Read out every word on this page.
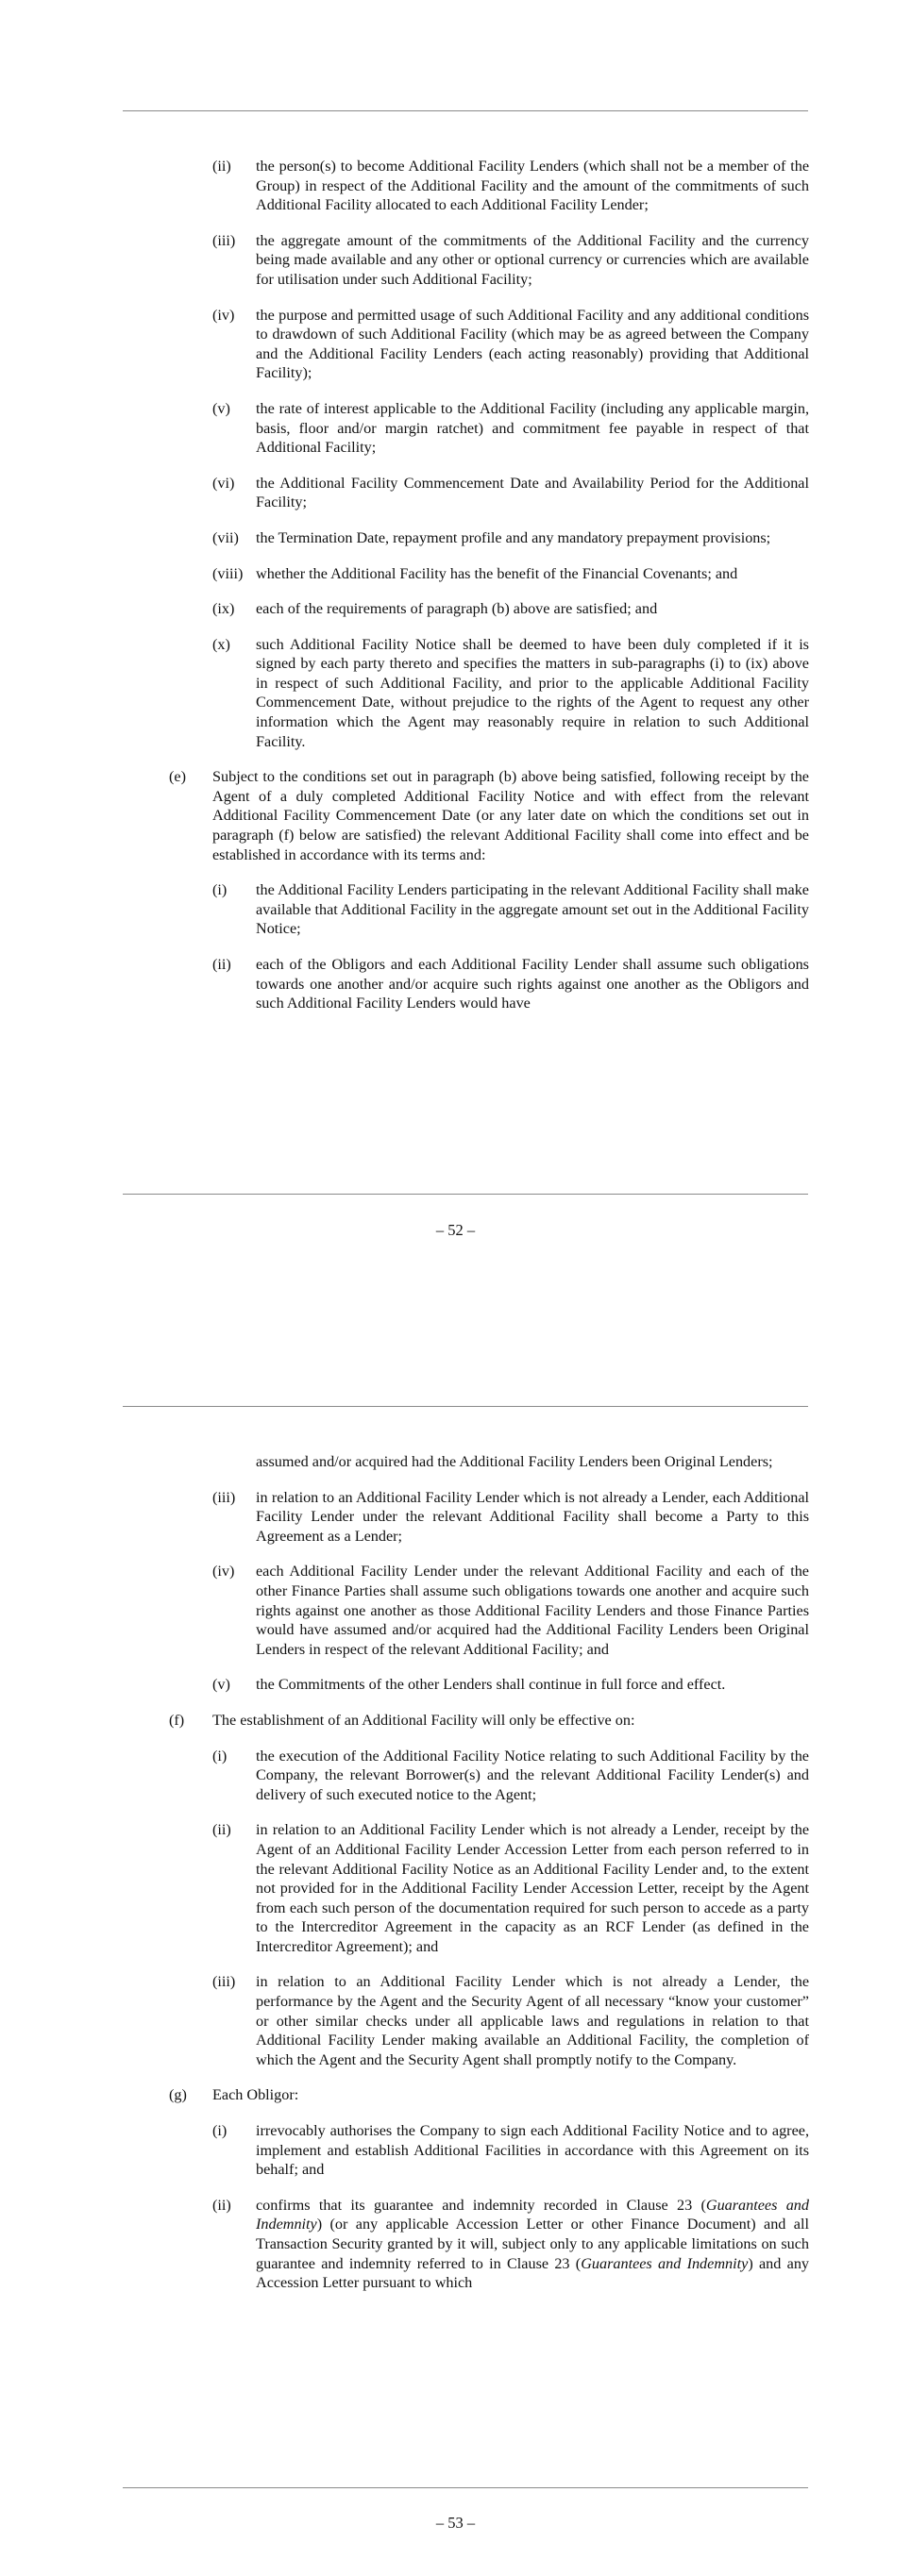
(ii)	the person(s) to become Additional Facility Lenders (which shall not be a member of the Group) in respect of the Additional Facility and the amount of the commitments of such Additional Facility allocated to each Additional Facility Lender;
(iii)	the aggregate amount of the commitments of the Additional Facility and the currency being made available and any other or optional currency or currencies which are available for utilisation under such Additional Facility;
(iv)	the purpose and permitted usage of such Additional Facility and any additional conditions to drawdown of such Additional Facility (which may be as agreed between the Company and the Additional Facility Lenders (each acting reasonably) providing that Additional Facility);
(v)	the rate of interest applicable to the Additional Facility (including any applicable margin, basis, floor and/or margin ratchet) and commitment fee payable in respect of that Additional Facility;
(vi)	the Additional Facility Commencement Date and Availability Period for the Additional Facility;
(vii)	the Termination Date, repayment profile and any mandatory prepayment provisions;
(viii) whether the Additional Facility has the benefit of the Financial Covenants; and
(ix)	each of the requirements of paragraph (b) above are satisfied; and
(x)	such Additional Facility Notice shall be deemed to have been duly completed if it is signed by each party thereto and specifies the matters in sub-paragraphs (i) to (ix) above in respect of such Additional Facility, and prior to the applicable Additional Facility Commencement Date, without prejudice to the rights of the Agent to request any other information which the Agent may reasonably require in relation to such Additional Facility.
(e)	Subject to the conditions set out in paragraph (b) above being satisfied, following receipt by the Agent of a duly completed Additional Facility Notice and with effect from the relevant Additional Facility Commencement Date (or any later date on which the conditions set out in paragraph (f) below are satisfied) the relevant Additional Facility shall come into effect and be established in accordance with its terms and:
(i)	the Additional Facility Lenders participating in the relevant Additional Facility shall make available that Additional Facility in the aggregate amount set out in the Additional Facility Notice;
(ii)	each of the Obligors and each Additional Facility Lender shall assume such obligations towards one another and/or acquire such rights against one another as the Obligors and such Additional Facility Lenders would have
– 52 –
assumed and/or acquired had the Additional Facility Lenders been Original Lenders;
(iii)	in relation to an Additional Facility Lender which is not already a Lender, each Additional Facility Lender under the relevant Additional Facility shall become a Party to this Agreement as a Lender;
(iv)	each Additional Facility Lender under the relevant Additional Facility and each of the other Finance Parties shall assume such obligations towards one another and acquire such rights against one another as those Additional Facility Lenders and those Finance Parties would have assumed and/or acquired had the Additional Facility Lenders been Original Lenders in respect of the relevant Additional Facility; and
(v)	the Commitments of the other Lenders shall continue in full force and effect.
(f)	The establishment of an Additional Facility will only be effective on:
(i)	the execution of the Additional Facility Notice relating to such Additional Facility by the Company, the relevant Borrower(s) and the relevant Additional Facility Lender(s) and delivery of such executed notice to the Agent;
(ii)	in relation to an Additional Facility Lender which is not already a Lender, receipt by the Agent of an Additional Facility Lender Accession Letter from each person referred to in the relevant Additional Facility Notice as an Additional Facility Lender and, to the extent not provided for in the Additional Facility Lender Accession Letter, receipt by the Agent from each such person of the documentation required for such person to accede as a party to the Intercreditor Agreement in the capacity as an RCF Lender (as defined in the Intercreditor Agreement); and
(iii)	in relation to an Additional Facility Lender which is not already a Lender, the performance by the Agent and the Security Agent of all necessary “know your customer” or other similar checks under all applicable laws and regulations in relation to that Additional Facility Lender making available an Additional Facility, the completion of which the Agent and the Security Agent shall promptly notify to the Company.
(g)	Each Obligor:
(i)	irrevocably authorises the Company to sign each Additional Facility Notice and to agree, implement and establish Additional Facilities in accordance with this Agreement on its behalf; and
(ii)	confirms that its guarantee and indemnity recorded in Clause 23 (Guarantees and Indemnity) (or any applicable Accession Letter or other Finance Document) and all Transaction Security granted by it will, subject only to any applicable limitations on such guarantee and indemnity referred to in Clause 23 (Guarantees and Indemnity) and any Accession Letter pursuant to which
– 53 –
